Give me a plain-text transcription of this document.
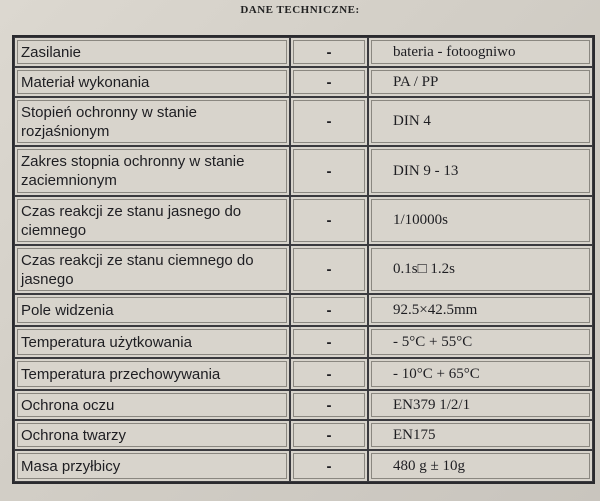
DANE TECHNICZNE:
Zasilanie	-	bateria - fotoogniwo
Materiał wykonania	-	PA / PP
Stopień ochronny w stanie rozjaśnionym	-	DIN 4
Zakres stopnia ochronny w stanie zaciemnionym	-	DIN 9 - 13
Czas reakcji ze stanu jasnego do ciemnego	-	1/10000s
Czas reakcji ze stanu ciemnego do jasnego	-	0.1s□ 1.2s
Pole widzenia	-	92.5×42.5mm
Temperatura użytkowania	-	- 5°C + 55°C
Temperatura przechowywania	-	- 10°C + 65°C
Ochrona oczu	-	EN379 1/2/1
Ochrona twarzy	-	EN175
Masa przyłbicy	-	480 g ± 10g
